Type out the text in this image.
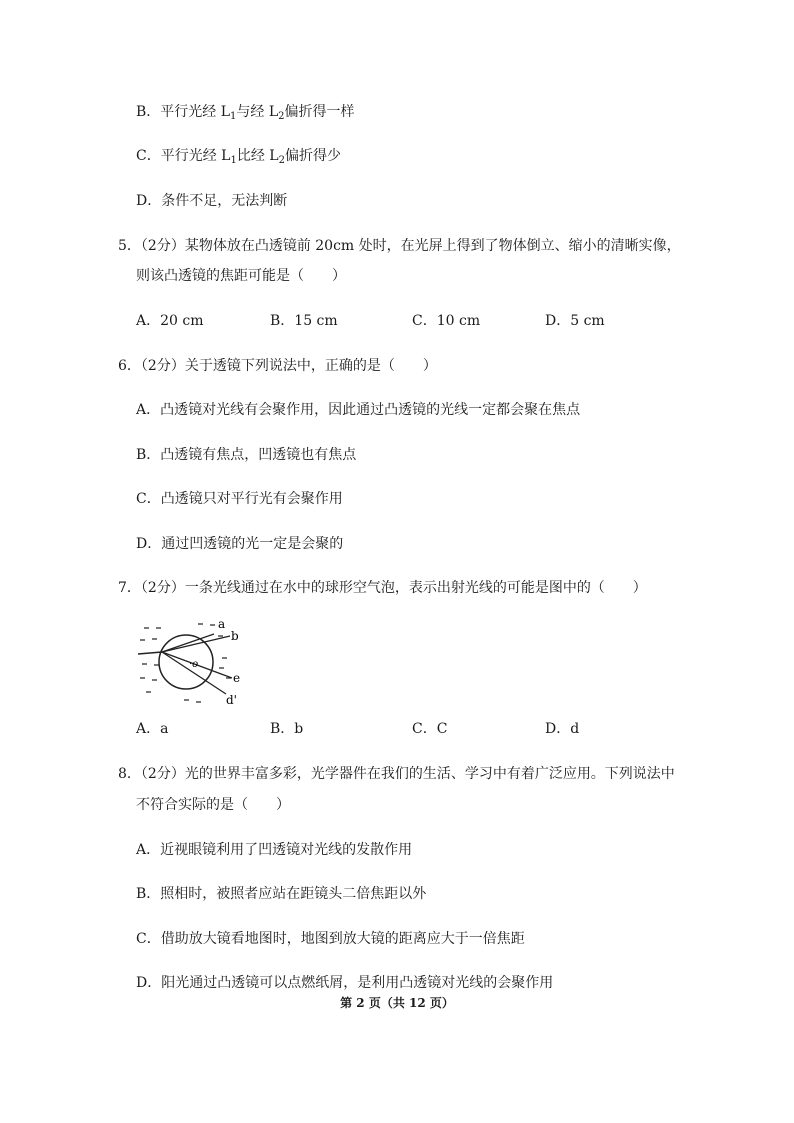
B．平行光经 $L_1$与经 $L_2$偏折得一样
C．平行光经 $L_1$比经 $L_2$偏折得少
D．条件不足，无法判断
5．（2分）某物体放在凸透镜前 20cm 处时，在光屏上得到了物体倒立、缩小的清晰实像，
则该凸透镜的焦距可能是（　　）
A．20 cm	B．15 cm	C．10 cm	D．5 cm
6．（2分）关于透镜下列说法中，正确的是（　　）
A．凸透镜对光线有会聚作用，因此通过凸透镜的光线一定都会聚在焦点
B．凸透镜有焦点，凹透镜也有焦点
C．凸透镜只对平行光有会聚作用
D．通过凹透镜的光一定是会聚的
7．（2分）一条光线通过在水中的球形空气泡，表示出射光线的可能是图中的（　　）
a
b
e
d'
·o
A．a	B．b	C．C	D．d
8．（2分）光的世界丰富多彩，光学器件在我们的生活、学习中有着广泛应用。下列说法中
不符合实际的是（　　）
A．近视眼镜利用了凹透镜对光线的发散作用
B．照相时，被照者应站在距镜头二倍焦距以外
C．借助放大镜看地图时，地图到放大镜的距离应大于一倍焦距
D．阳光通过凸透镜可以点燃纸屑，是利用凸透镜对光线的会聚作用
第 2 页（共 12 页）
